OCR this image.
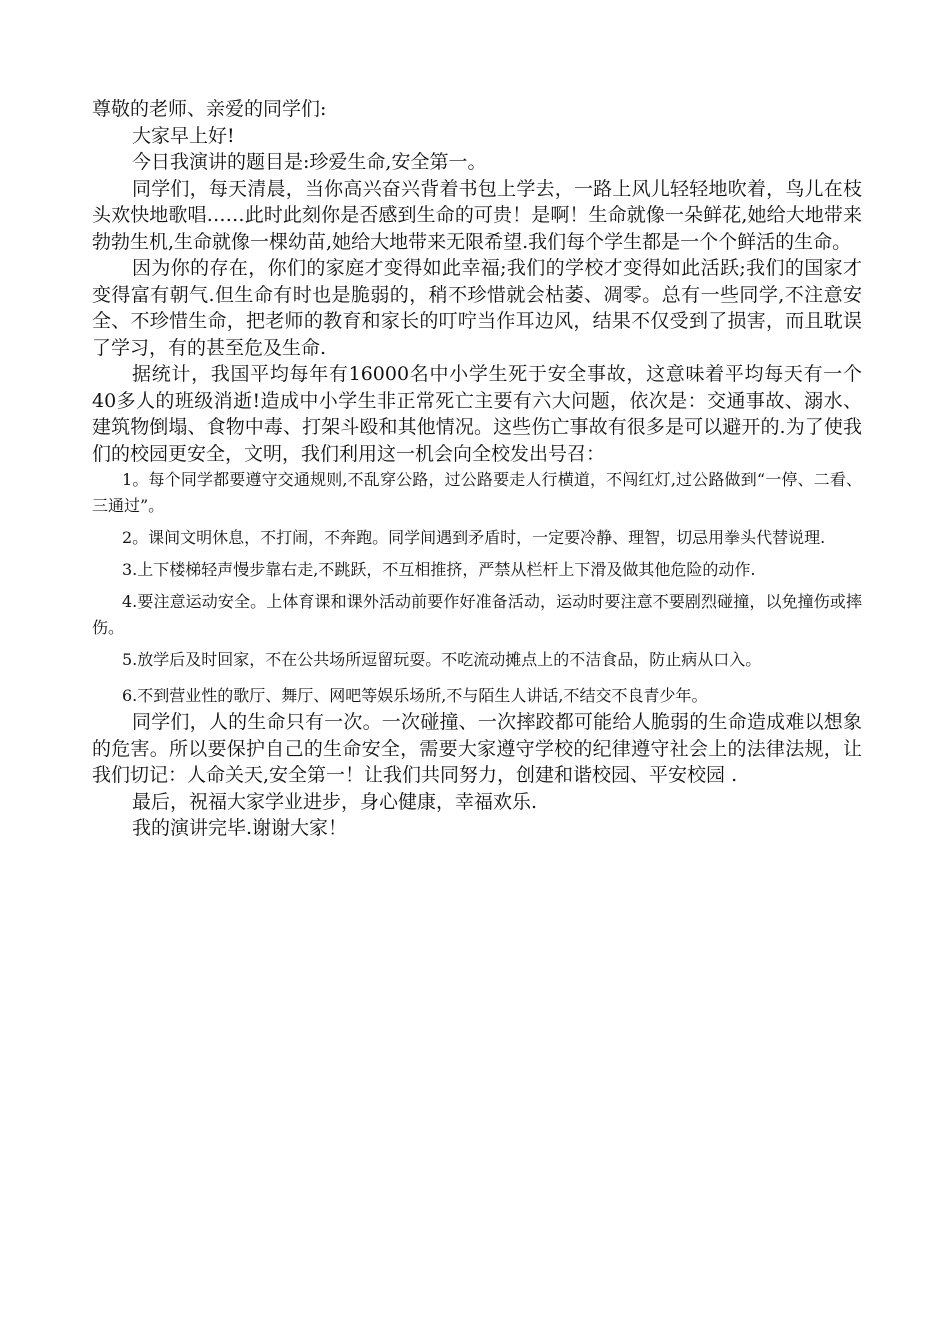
尊敬的老师、亲爱的同学们:

大家早上好!

今日我演讲的题目是:珍爱生命,安全第一。

同学们，每天清晨，当你高兴奋兴背着书包上学去，一路上风儿轻轻地吹着，鸟儿在枝头欢快地歌唱……此时此刻你是否感到生命的可贵！是啊！生命就像一朵鲜花,她给大地带来勃勃生机,生命就像一棵幼苗,她给大地带来无限希望.我们每个学生都是一个个鲜活的生命。

因为你的存在，你们的家庭才变得如此幸福;我们的学校才变得如此活跃;我们的国家才变得富有朝气.但生命有时也是脆弱的，稍不珍惜就会枯萎、凋零。总有一些同学,不注意安全、不珍惜生命，把老师的教育和家长的叮咛当作耳边风，结果不仅受到了损害，而且耽误了学习，有的甚至危及生命.

据统计，我国平均每年有16000名中小学生死于安全事故，这意味着平均每天有一个40多人的班级消逝!造成中小学生非正常死亡主要有六大问题，依次是：交通事故、溺水、建筑物倒塌、食物中毒、打架斗殴和其他情况。这些伤亡事故有很多是可以避开的.为了使我们的校园更安全，文明，我们利用这一机会向全校发出号召：

1。每个同学都要遵守交通规则,不乱穿公路，过公路要走人行横道，不闯红灯,过公路做到“一停、二看、三通过”。

2。课间文明休息，不打闹，不奔跑。同学间遇到矛盾时，一定要冷静、理智，切忌用拳头代替说理.

3.上下楼梯轻声慢步靠右走,不跳跃，不互相推挤，严禁从栏杆上下滑及做其他危险的动作.

4.要注意运动安全。上体育课和课外活动前要作好准备活动，运动时要注意不要剧烈碰撞，以免撞伤或摔伤。

5.放学后及时回家，不在公共场所逗留玩耍。不吃流动摊点上的不洁食品，防止病从口入。

6.不到营业性的歌厅、舞厅、网吧等娱乐场所,不与陌生人讲话,不结交不良青少年。

同学们，人的生命只有一次。一次碰撞、一次摔跤都可能给人脆弱的生命造成难以想象的危害。所以要保护自己的生命安全，需要大家遵守学校的纪律遵守社会上的法律法规，让我们切记：人命关天,安全第一！让我们共同努力，创建和谐校园、平安校园 .

最后，祝福大家学业进步，身心健康，幸福欢乐.

我的演讲完毕.谢谢大家！
